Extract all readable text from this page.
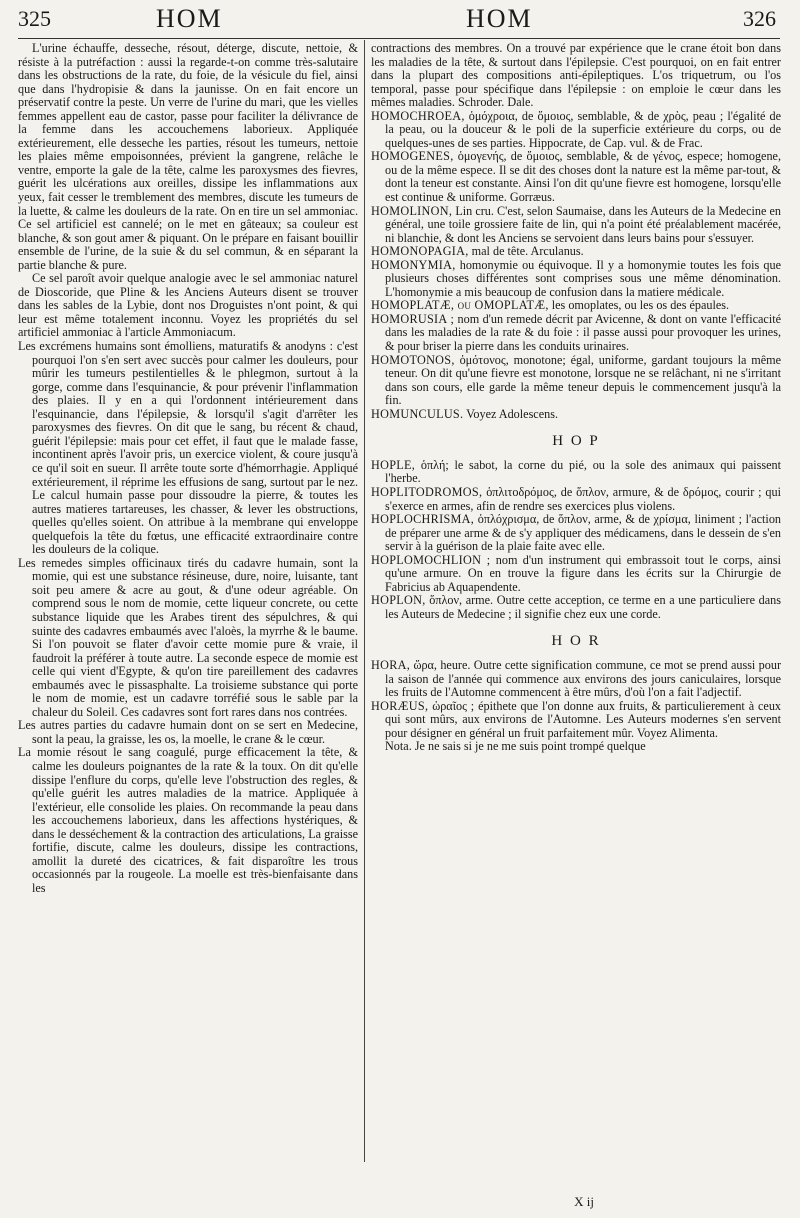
325	HOM	HOM	326

L'urine échauffe, desseche, résout, déterge, discute, nettoie, & résiste à la putréfaction : aussi la regarde-t-on comme très-salutaire dans les obstructions de la rate, du foie, de la vésicule du fiel, ainsi que dans l'hydropisie & dans la jaunisse. On en fait encore un préservatif contre la peste. Un verre de l'urine du mari, que les vielles femmes appellent eau de castor, passe pour faciliter la délivrance de la femme dans les accouchemens laborieux. Appliquée extérieurement, elle desseche les parties, résout les tumeurs, nettoie les plaies même empoisonnées, prévient la gangrene, relâche le ventre, emporte la gale de la tête, calme les paroxysmes des fievres, guérit les ulcérations aux oreilles, dissipe les inflammations aux yeux, fait cesser le tremblement des membres, discute les tumeurs de la luette, & calme les douleurs de la rate. On en tire un sel ammoniac. Ce sel artificiel est cannelé; on le met en gâteaux; sa couleur est blanche, & son gout amer & piquant. On le prépare en faisant bouillir ensemble de l'urine, de la suie & du sel commun, & en séparant la partie blanche & pure.

Ce sel paroît avoir quelque analogie avec le sel ammoniac naturel de Dioscoride, que Pline & les Anciens Auteurs disent se trouver dans les sables de la Lybie, dont nos Droguistes n'ont point, & qui leur est même totalement inconnu. Voyez les propriétés du sel artificiel ammoniac à l'article Ammoniacum.

Les excrémens humains sont émolliens, maturatifs & anodyns : c'est pourquoi l'on s'en sert avec succès pour calmer les douleurs, pour mûrir les tumeurs pestilentielles & le phlegmon, surtout à la gorge, comme dans l'esquinancie, & pour prévenir l'inflammation des plaies. Il y en a qui l'ordonnent intérieurement dans l'esquinancie, dans l'épilepsie, & lorsqu'il s'agit d'arrêter les paroxysmes des fievres. On dit que le sang, bu récent & chaud, guérit l'épilepsie: mais pour cet effet, il faut que le malade fasse, incontinent après l'avoir pris, un exercice violent, & coure jusqu'à ce qu'il soit en sueur. Il arrête toute sorte d'hémorrhagie. Appliqué extérieurement, il réprime les effusions de sang, surtout par le nez. Le calcul humain passe pour dissoudre la pierre, & toutes les autres matieres tartareuses, les chasser, & lever les obstructions, quelles qu'elles soient. On attribue à la membrane qui enveloppe quelquefois la tête du fœtus, une efficacité extraordinaire contre les douleurs de la colique.

Les remedes simples officinaux tirés du cadavre humain, sont la momie, qui est une substance résineuse, dure, noire, luisante, tant soit peu amere & acre au gout, & d'une odeur agréable. On comprend sous le nom de momie, cette liqueur concrete, ou cette substance liquide que les Arabes tirent des sépulchres, & qui suinte des cadavres embaumés avec l'aloès, la myrrhe & le baume. Si l'on pouvoit se flater d'avoir cette momie pure & vraie, il faudroit la préférer à toute autre. La seconde espece de momie est celle qui vient d'Egypte, & qu'on tire pareillement des cadavres embaumés avec le pissasphalte. La troisieme substance qui porte le nom de momie, est un cadavre torréfié sous le sable par la chaleur du Soleil. Ces cadavres sont fort rares dans nos contrées.

Les autres parties du cadavre humain dont on se sert en Medecine, sont la peau, la graisse, les os, la moelle, le crane & le cœur.

La momie résout le sang coagulé, purge efficacement la tête, & calme les douleurs poignantes de la rate & la toux. On dit qu'elle dissipe l'enflure du corps, qu'elle leve l'obstruction des regles, & qu'elle guérit les autres maladies de la matrice. Appliquée à l'extérieur, elle consolide les plaies. On recommande la peau dans les accouchemens laborieux, dans les affections hystériques, & dans le desséchement & la contraction des articulations, La graisse fortifie, discute, calme les douleurs, dissipe les contractions, amollit la dureté des cicatrices, & fait disparoître les trous occasionnés par la rougeole. La moelle est très-bienfaisante dans les

contractions des membres. On a trouvé par expérience que le crane étoit bon dans les maladies de la tête, & surtout dans l'épilepsie. C'est pourquoi, on en fait entrer dans la plupart des compositions anti-épileptiques. L'os triquetrum, ou l'os temporal, passe pour spécifique dans l'épilepsie : on emploie le cœur dans les mêmes maladies. Schroder. Dale.

HOMOCHROEA, ὁμόχροια, de ὅμοιος, semblable, & de χρὸς, peau ; l'égalité de la peau, ou la douceur & le poli de la superficie extérieure du corps, ou de quelques-unes de ses parties. Hippocrate, de Cap. vul. & de Frac.

HOMOGENES, ὁμογενής, de ὅμοιος, semblable, & de γένος, espece; homogene, ou de la même espece. Il se dit des choses dont la nature est la même par-tout, & dont la teneur est constante. Ainsi l'on dit qu'une fievre est homogene, lorsqu'elle est continue & uniforme. Gorræus.

HOMOLINON, Lin cru. C'est, selon Saumaise, dans les Auteurs de la Medecine en général, une toile grossiere faite de lin, qui n'a point été préalablement macérée, ni blanchie, & dont les Anciens se servoient dans leurs bains pour s'essuyer.

HOMONOPAGIA, mal de tête. Arculanus.

HOMONYMIA, homonymie ou équivoque. Il y a homonymie toutes les fois que plusieurs choses différentes sont comprises sous une même dénomination. L'homonymie a mis beaucoup de confusion dans la matiere médicale.

HOMOPLATÆ, ou OMOPLATÆ, les omoplates, ou les os des épaules.

HOMORUSIA ; nom d'un remede décrit par Avicenne, & dont on vante l'efficacité dans les maladies de la rate & du foie : il passe aussi pour provoquer les urines, & pour briser la pierre dans les conduits urinaires.

HOMOTONOS, ὁμότονος, monotone; égal, uniforme, gardant toujours la même teneur. On dit qu'une fievre est monotone, lorsque ne se relâchant, ni ne s'irritant dans son cours, elle garde la même teneur depuis le commencement jusqu'à la fin.

HOMUNCULUS. Voyez Adolescens.

H O P

HOPLE, ὁπλή; le sabot, la corne du pié, ou la sole des animaux qui paissent l'herbe.

HOPLITODROMOS, ὁπλιτοδρόμος, de ὅπλον, armure, & de δρόμος, courir ; qui s'exerce en armes, afin de rendre ses exercices plus violens.

HOPLOCHRISMA, ὁπλόχρισμα, de ὅπλον, arme, & de χρίσμα, liniment ; l'action de préparer une arme & de s'y appliquer des médicamens, dans le dessein de s'en servir à la guérison de la plaie faite avec elle.

HOPLOMOCHLION ; nom d'un instrument qui embrassoit tout le corps, ainsi qu'une armure. On en trouve la figure dans les écrits sur la Chirurgie de Fabricius ab Aquapendente.

HOPLON, ὅπλον, arme. Outre cette acception, ce terme en a une particuliere dans les Auteurs de Medecine ; il signifie chez eux une corde.

H O R

HORA, ὥρα, heure. Outre cette signification commune, ce mot se prend aussi pour la saison de l'année qui commence aux environs des jours caniculaires, lorsque les fruits de l'Automne commencent à être mûrs, d'où l'on a fait l'adjectif.

HORÆUS, ὡραῖος ; épithete que l'on donne aux fruits, & particulierement à ceux qui sont mûrs, aux environs de l'Automne. Les Auteurs modernes s'en servent pour désigner en général un fruit parfaitement mûr. Voyez Alimenta.

Nota. Je ne sais si je ne me suis point trompé quelque

X ij
